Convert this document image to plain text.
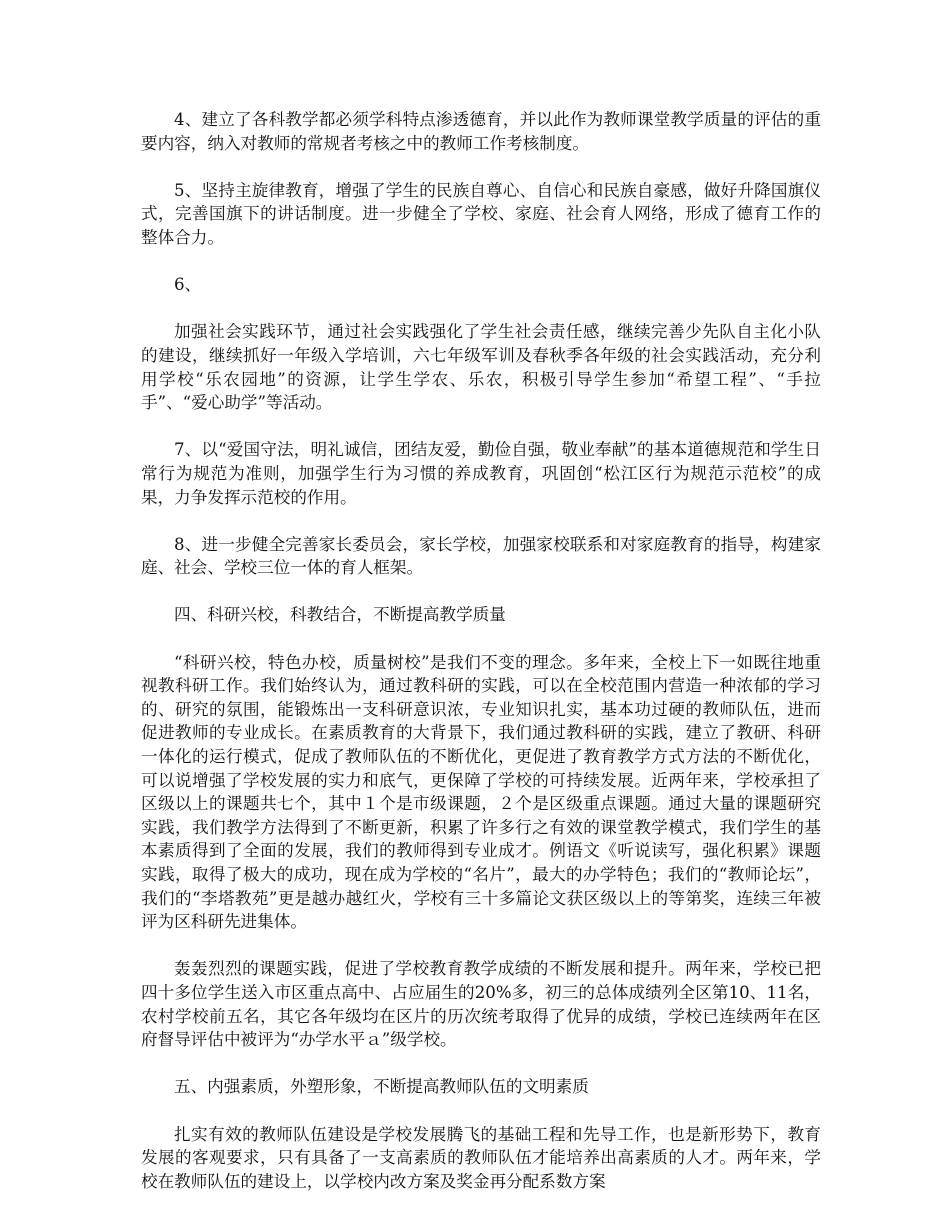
4、建立了各科教学都必须学科特点渗透德育，并以此作为教师课堂教学质量的评估的重要内容，纳入对教师的常规者考核之中的教师工作考核制度。

5、坚持主旋律教育，增强了学生的民族自尊心、自信心和民族自豪感，做好升降国旗仪式，完善国旗下的讲话制度。进一步健全了学校、家庭、社会育人网络，形成了德育工作的整体合力。

6、

加强社会实践环节，通过社会实践强化了学生社会责任感，继续完善少先队自主化小队的建设，继续抓好一年级入学培训，六七年级军训及春秋季各年级的社会实践活动，充分利用学校“乐农园地”的资源，让学生学农、乐农，积极引导学生参加“希望工程”、“手拉手”、“爱心助学”等活动。

7、以“爱国守法，明礼诚信，团结友爱，勤俭自强，敬业奉献”的基本道德规范和学生日常行为规范为准则，加强学生行为习惯的养成教育，巩固创“松江区行为规范示范校”的成果，力争发挥示范校的作用。

8、进一步健全完善家长委员会，家长学校，加强家校联系和对家庭教育的指导，构建家庭、社会、学校三位一体的育人框架。

四、科研兴校，科教结合，不断提高教学质量

“科研兴校，特色办校，质量树校”是我们不变的理念。多年来，全校上下一如既往地重视教科研工作。我们始终认为，通过教科研的实践，可以在全校范围内营造一种浓郁的学习的、研究的氛围，能锻炼出一支科研意识浓，专业知识扎实，基本功过硬的教师队伍，进而促进教师的专业成长。在素质教育的大背景下，我们通过教科研的实践，建立了教研、科研一体化的运行模式，促成了教师队伍的不断优化，更促进了教育教学方式方法的不断优化，可以说增强了学校发展的实力和底气，更保障了学校的可持续发展。近两年来，学校承担了区级以上的课题共七个，其中１个是市级课题，２个是区级重点课题。通过大量的课题研究实践，我们教学方法得到了不断更新，积累了许多行之有效的课堂教学模式，我们学生的基本素质得到了全面的发展，我们的教师得到专业成才。例语文《听说读写，强化积累》课题实践，取得了极大的成功，现在成为学校的“名片”，最大的办学特色；我们的“教师论坛”，我们的“李塔教苑”更是越办越红火，学校有三十多篇论文获区级以上的等第奖，连续三年被评为区科研先进集体。

轰轰烈烈的课题实践，促进了学校教育教学成绩的不断发展和提升。两年来，学校已把四十多位学生送入市区重点高中、占应届生的20%多，初三的总体成绩列全区第10、11名，农村学校前五名，其它各年级均在区片的历次统考取得了优异的成绩，学校已连续两年在区府督导评估中被评为“办学水平ａ”级学校。

五、内强素质，外塑形象，不断提高教师队伍的文明素质

扎实有效的教师队伍建设是学校发展腾飞的基础工程和先导工作，也是新形势下，教育发展的客观要求，只有具备了一支高素质的教师队伍才能培养出高素质的人才。两年来，学校在教师队伍的建设上，以学校内改方案及奖金再分配系数方案
